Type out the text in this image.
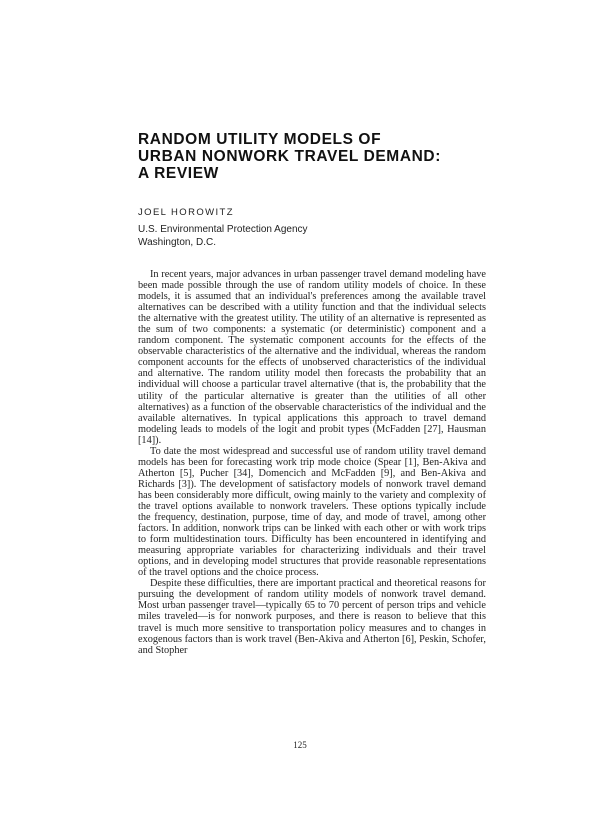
RANDOM UTILITY MODELS OF
URBAN NONWORK TRAVEL DEMAND:
A REVIEW
JOEL HOROWITZ
U.S. Environmental Protection Agency
Washington, D.C.

In recent years, major advances in urban passenger travel demand modeling have been made possible through the use of random utility models of choice. In these models, it is assumed that an individual's preferences among the available travel alternatives can be described with a utility function and that the individual selects the alternative with the greatest utility. The utility of an alternative is represented as the sum of two components: a systematic (or deterministic) component and a random component. The systematic component accounts for the effects of the observable characteristics of the alternative and the individual, whereas the random component accounts for the effects of unobserved characteristics of the individual and alternative. The random utility model then forecasts the probability that an individual will choose a particular travel alternative (that is, the probability that the utility of the particular alternative is greater than the utilities of all other alternatives) as a function of the observable characteristics of the individual and the available alternatives. In typical applications this approach to travel demand modeling leads to models of the logit and probit types (McFadden [27], Hausman [14]).

To date the most widespread and successful use of random utility travel demand models has been for forecasting work trip mode choice (Spear [1], Ben-Akiva and Atherton [5], Pucher [34], Domencich and McFadden [9], and Ben-Akiva and Richards [3]). The development of satisfactory models of nonwork travel demand has been considerably more difficult, owing mainly to the variety and complexity of the travel options available to nonwork travelers. These options typically include the frequency, destination, purpose, time of day, and mode of travel, among other factors. In addition, nonwork trips can be linked with each other or with work trips to form multidestination tours. Difficulty has been encountered in identifying and measuring appropriate variables for characterizing individuals and their travel options, and in developing model structures that provide reasonable representations of the travel options and the choice process.

Despite these difficulties, there are important practical and theoretical reasons for pursuing the development of random utility models of nonwork travel demand. Most urban passenger travel—typically 65 to 70 percent of person trips and vehicle miles traveled—is for nonwork purposes, and there is reason to believe that this travel is much more sensitive to transportation policy measures and to changes in exogenous factors than is work travel (Ben-Akiva and Atherton [6], Peskin, Schofer, and Stopher

125
